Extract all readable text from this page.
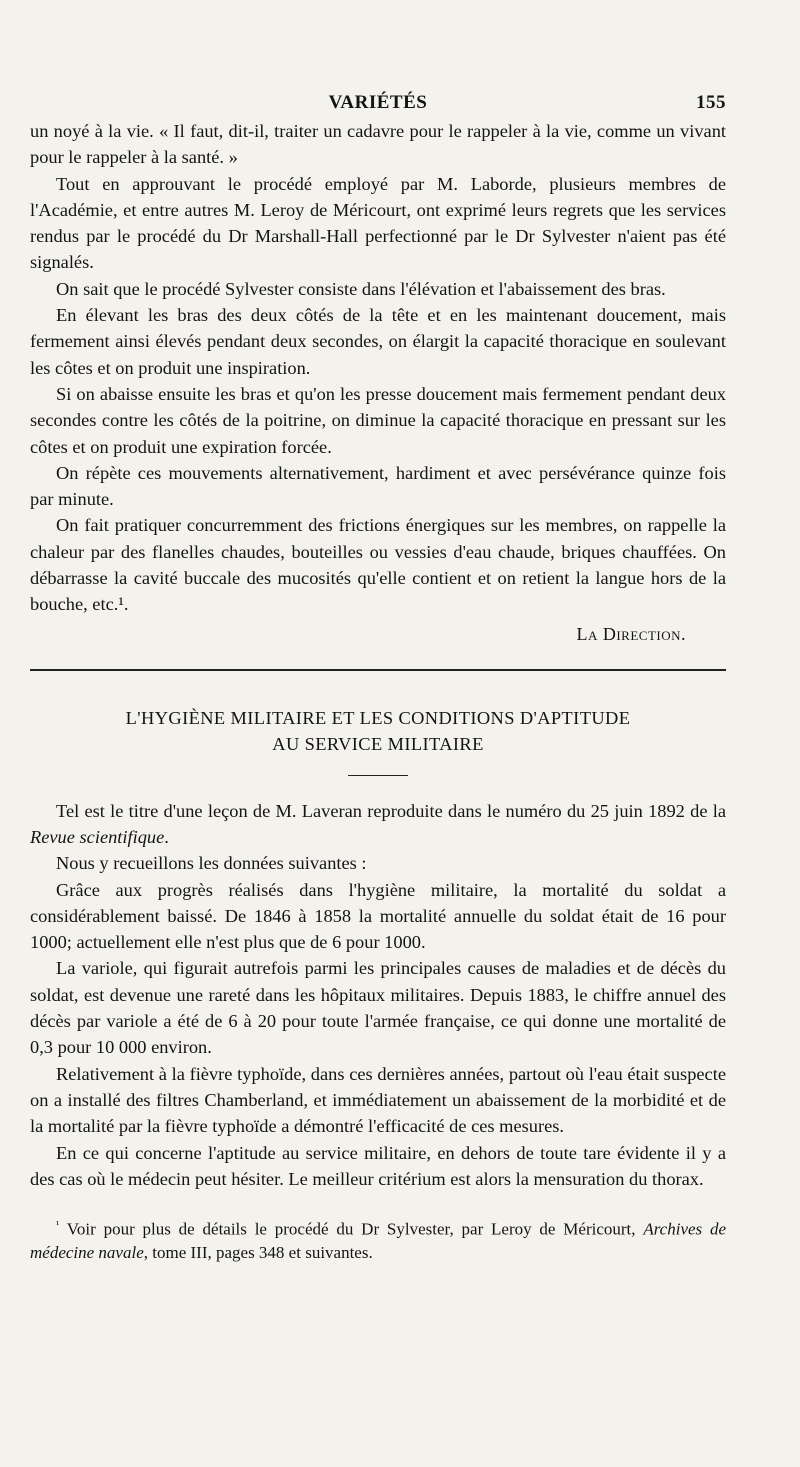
VARIÉTÉS	155

un noyé à la vie. « Il faut, dit-il, traiter un cadavre pour le rappeler à la vie, comme un vivant pour le rappeler à la santé. »

Tout en approuvant le procédé employé par M. Laborde, plusieurs membres de l'Académie, et entre autres M. Leroy de Méricourt, ont exprimé leurs regrets que les services rendus par le procédé du Dr Marshall-Hall perfectionné par le Dr Sylvester n'aient pas été signalés.

On sait que le procédé Sylvester consiste dans l'élévation et l'abaissement des bras.

En élevant les bras des deux côtés de la tête et en les maintenant doucement, mais fermement ainsi élevés pendant deux secondes, on élargit la capacité thoracique en soulevant les côtes et on produit une inspiration.

Si on abaisse ensuite les bras et qu'on les presse doucement mais fermement pendant deux secondes contre les côtés de la poitrine, on diminue la capacité thoracique en pressant sur les côtes et on produit une expiration forcée.

On répète ces mouvements alternativement, hardiment et avec persévérance quinze fois par minute.

On fait pratiquer concurremment des frictions énergiques sur les membres, on rappelle la chaleur par des flanelles chaudes, bouteilles ou vessies d'eau chaude, briques chauffées. On débarrasse la cavité buccale des mucosités qu'elle contient et on retient la langue hors de la bouche, etc.¹.

La Direction.
L'HYGIÈNE MILITAIRE ET LES CONDITIONS D'APTITUDE
AU SERVICE MILITAIRE

Tel est le titre d'une leçon de M. Laveran reproduite dans le numéro du 25 juin 1892 de la Revue scientifique.

Nous y recueillons les données suivantes :

Grâce aux progrès réalisés dans l'hygiène militaire, la mortalité du soldat a considérablement baissé. De 1846 à 1858 la mortalité annuelle du soldat était de 16 pour 1000; actuellement elle n'est plus que de 6 pour 1000.

La variole, qui figurait autrefois parmi les principales causes de maladies et de décès du soldat, est devenue une rareté dans les hôpitaux militaires. Depuis 1883, le chiffre annuel des décès par variole a été de 6 à 20 pour toute l'armée française, ce qui donne une mortalité de 0,3 pour 10 000 environ.

Relativement à la fièvre typhoïde, dans ces dernières années, partout où l'eau était suspecte on a installé des filtres Chamberland, et immédiatement un abaissement de la morbidité et de la mortalité par la fièvre typhoïde a démontré l'efficacité de ces mesures.

En ce qui concerne l'aptitude au service militaire, en dehors de toute tare évidente il y a des cas où le médecin peut hésiter. Le meilleur critérium est alors la mensuration du thorax.

$^{^1}$ Voir pour plus de détails le procédé du Dr Sylvester, par Leroy de Méricourt, Archives de médecine navale, tome III, pages 348 et suivantes.
